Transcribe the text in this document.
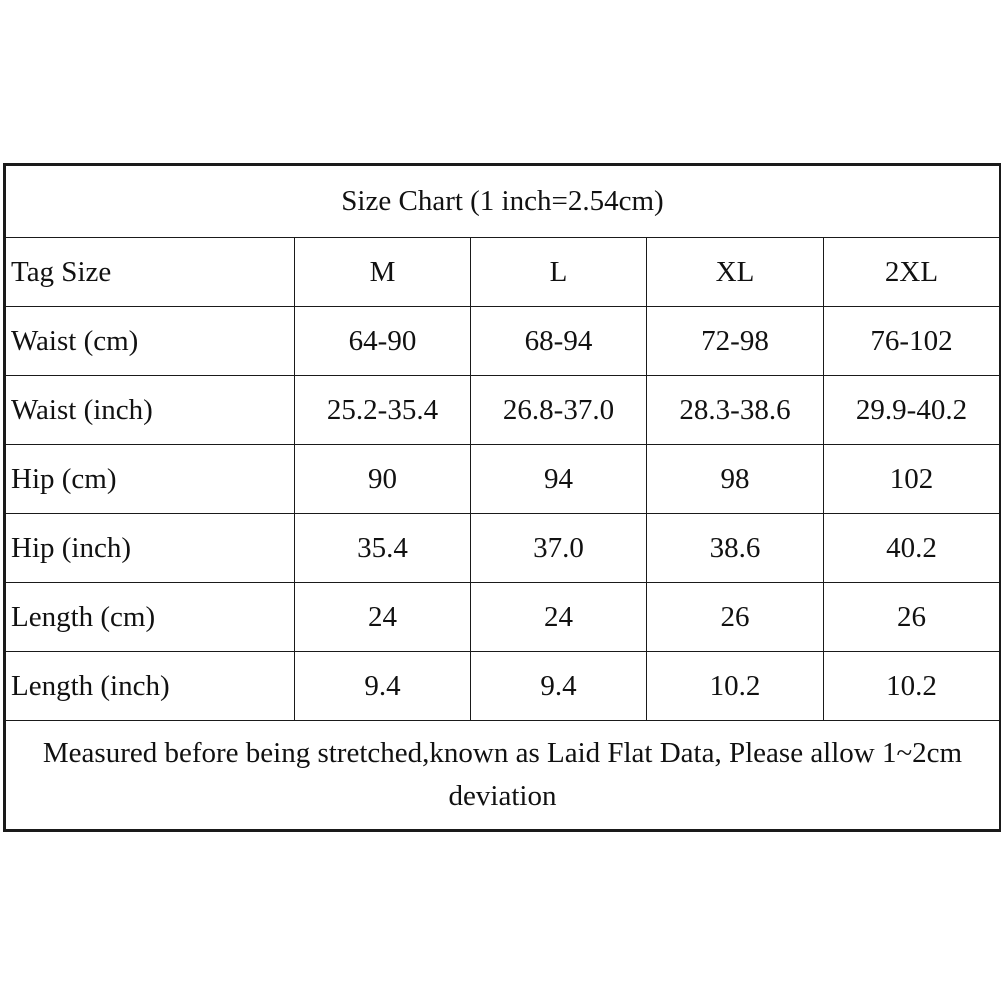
Size Chart (1 inch=2.54cm)				
Tag Size	M	L	XL	2XL
Waist (cm)	64-90	68-94	72-98	76-102
Waist (inch)	25.2-35.4	26.8-37.0	28.3-38.6	29.9-40.2
Hip (cm)	90	94	98	102
Hip (inch)	35.4	37.0	38.6	40.2
Length (cm)	24	24	26	26
Length (inch)	9.4	9.4	10.2	10.2
Measured before being stretched,known as Laid Flat Data, Please allow 1~2cm deviation				
